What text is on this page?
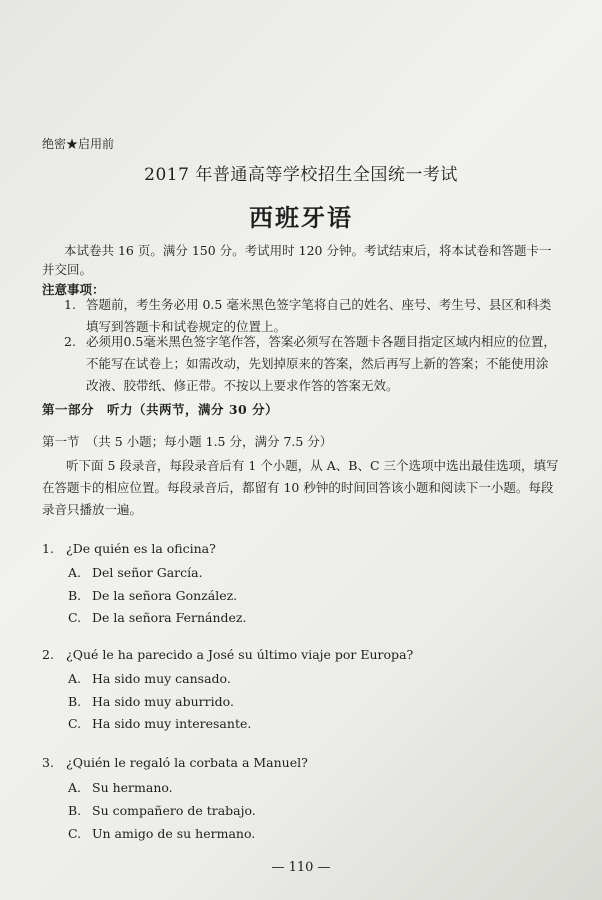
绝密★启用前
2017 年普通高等学校招生全国统一考试
西班牙语
本试卷共 16 页。满分 150 分。考试用时 120 分钟。考试结束后，将本试卷和答题卡一并交回。
注意事项：
1. 答题前，考生务必用 0.5 毫米黑色签字笔将自己的姓名、座号、考生号、县区和科类填写到答题卡和试卷规定的位置上。
2. 必须用0.5毫米黑色签字笔作答，答案必须写在答题卡各题目指定区域内相应的位置，不能写在试卷上；如需改动，先划掉原来的答案，然后再写上新的答案；不能使用涂改液、胶带纸、修正带。不按以上要求作答的答案无效。
第一部分　听力（共两节，满分 30 分）
第一节　（共 5 小题；每小题 1.5 分，满分 7.5 分）
听下面 5 段录音，每段录音后有 1 个小题，从 A、B、C 三个选项中选出最佳选项，填写在答题卡的相应位置。每段录音后，都留有 10 秒钟的时间回答该小题和阅读下一小题。每段录音只播放一遍。
1. ¿De quién es la oficina?
A. Del señor García.
B. De la señora González.
C. De la señora Fernández.
2. ¿Qué le ha parecido a José su último viaje por Europa?
A. Ha sido muy cansado.
B. Ha sido muy aburrido.
C. Ha sido muy interesante.
3. ¿Quién le regaló la corbata a Manuel?
A. Su hermano.
B. Su compañero de trabajo.
C. Un amigo de su hermano.
— 110 —
